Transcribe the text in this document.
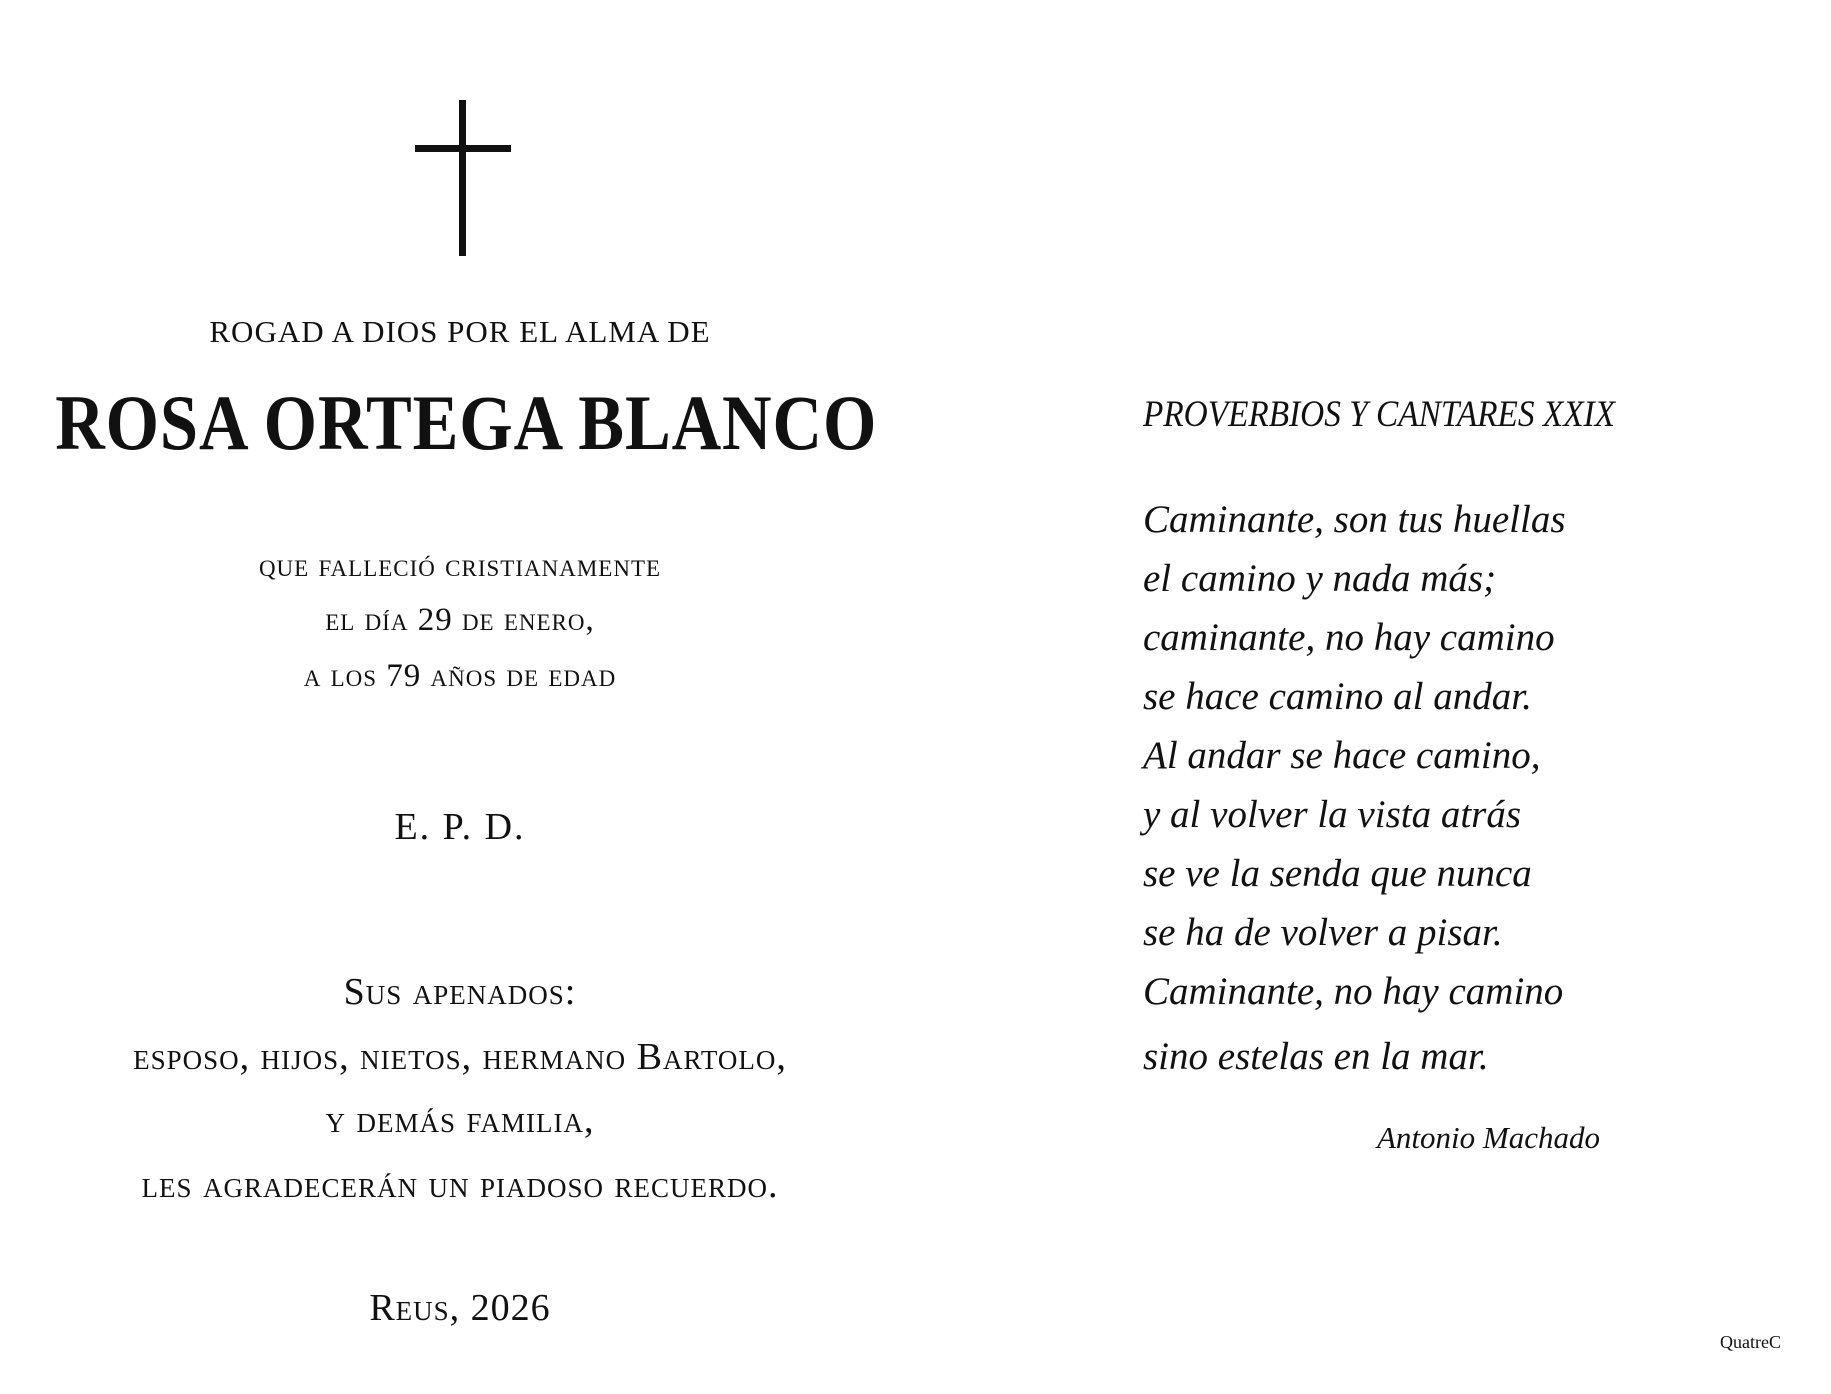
ROGAD A DIOS POR EL ALMA DE
ROSA ORTEGA BLANCO
que falleció cristianamente
el día 29 de enero,
a los 79 años de edad
E. P. D.
Sus apenados:
esposo, hijos, nietos, hermano Bartolo,
y demás familia,
les agradecerán un piadoso recuerdo.
Reus, 2026
PROVERBIOS Y CANTARES XXIX
Caminante, son tus huellas
el camino y nada más;
caminante, no hay camino
se hace camino al andar.
Al andar se hace camino,
y al volver la vista atrás
se ve la senda que nunca
se ha de volver a pisar.
Caminante, no hay camino
sino estelas en la mar.
Antonio Machado
QuatreC
